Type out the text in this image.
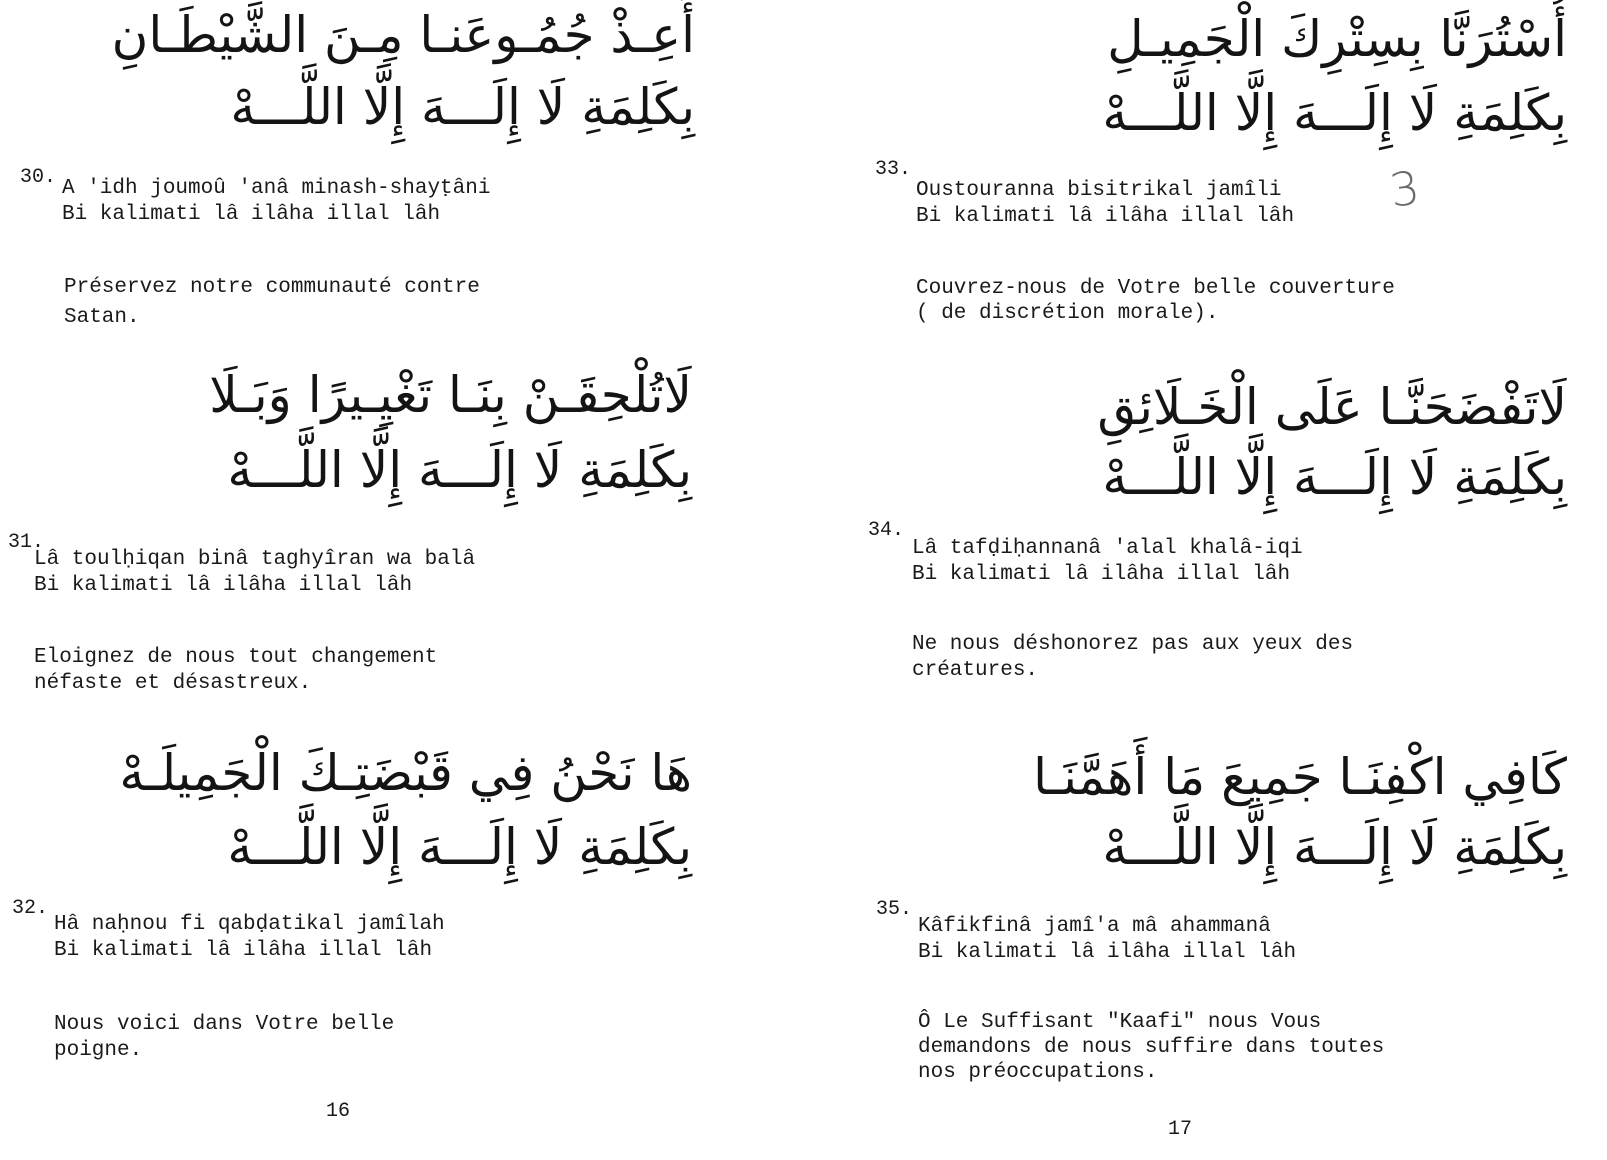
أَعِـذْ جُمُـوعَنـا مِـنَ الشَّيْطَـانِ
بِكَلِمَةِ لَا إِلَـــهَ إِلَّا اللَّـــهْ
30. A 'idh joumoû 'anâ minash-shayṭâni
Bi kalimati lâ ilâha illal lâh
Préservez notre communauté contre
Satan.
لَاتُلْحِقَـنْ بِنَـا تَغْيِـيرًا وَبَـلَا
بِكَلِمَةِ لَا إِلَـــهَ إِلَّا اللَّـــهْ
31.
Lâ toulḥiqan binâ taghyîran wa balâ
Bi kalimati lâ ilâha illal lâh
Eloignez de nous tout changement
néfaste et désastreux.
هَا نَحْنُ فِي قَبْضَتِـكَ الْجَمِيلَـهْ
بِكَلِمَةِ لَا إِلَـــهَ إِلَّا اللَّـــهْ
32.
Hâ naḥnou fi qabḍatikal jamîlah
Bi kalimati lâ ilâha illal lâh
Nous voici dans Votre belle
poigne.
16
أُسْتُرَنَّا بِسِتْرِكَ الْجَمِيـلِ
بِكَلِمَةِ لَا إِلَـــهَ إِلَّا اللَّـــهْ
33.
Oustouranna bisitrikal jamîli
Bi kalimati lâ ilâha illal lâh 3
Couvrez-nous de Votre belle couverture
( de discrétion morale).
لَاتَفْضَحَنَّـا عَلَى الْخَـلَائِقِ
بِكَلِمَةِ لَا إِلَـــهَ إِلَّا اللَّـــهْ
34.
Lâ tafḍiḥannanâ 'alal khalâ-iqi
Bi kalimati lâ ilâha illal lâh
Ne nous déshonorez pas aux yeux des
créatures.
كَافِي اكْفِنَـا جَمِيعَ مَا أَهَمَّنَـا
بِكَلِمَةِ لَا إِلَـــهَ إِلَّا اللَّـــهْ
35.
Kâfikfinâ jamî'a mâ ahammanâ
Bi kalimati lâ ilâha illal lâh
Ô Le Suffisant "Kaafi" nous Vous
demandons de nous suffire dans toutes
nos préoccupations.
17
